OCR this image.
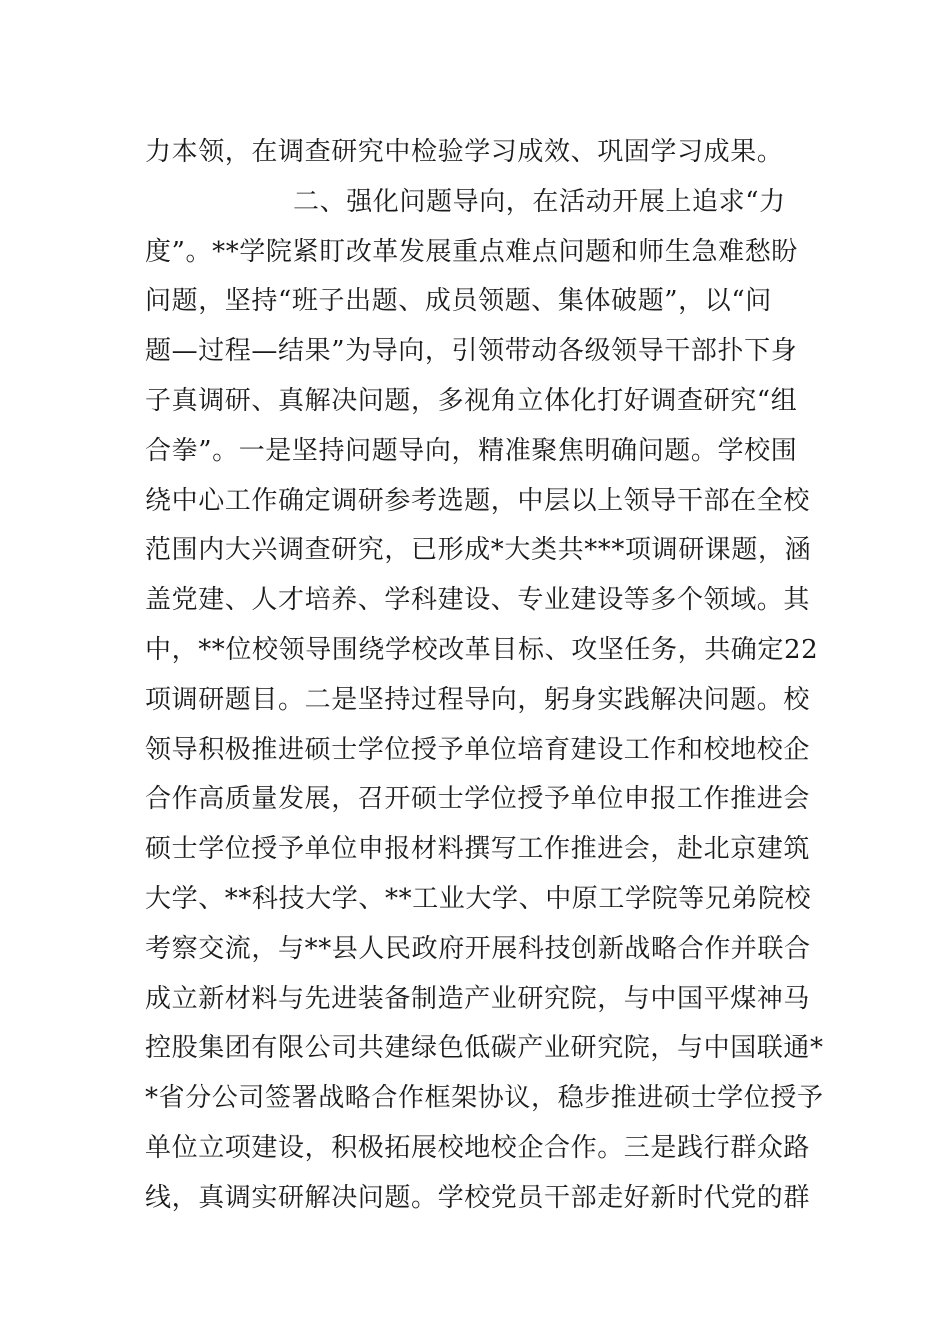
力本领，在调查研究中检验学习成效、巩固学习成果。
二、强化问题导向，在活动开展上追求“力
度”。**学院紧盯改革发展重点难点问题和师生急难愁盼
问题，坚持“班子出题、成员领题、集体破题”，以“问
题—过程—结果”为导向，引领带动各级领导干部扑下身
子真调研、真解决问题，多视角立体化打好调查研究“组
合拳”。一是坚持问题导向，精准聚焦明确问题。学校围
绕中心工作确定调研参考选题，中层以上领导干部在全校
范围内大兴调查研究，已形成*大类共***项调研课题，涵
盖党建、人才培养、学科建设、专业建设等多个领域。其
中，**位校领导围绕学校改革目标、攻坚任务，共确定22
项调研题目。二是坚持过程导向，躬身实践解决问题。校
领导积极推进硕士学位授予单位培育建设工作和校地校企
合作高质量发展，召开硕士学位授予单位申报工作推进会
硕士学位授予单位申报材料撰写工作推进会，赴北京建筑
大学、**科技大学、**工业大学、中原工学院等兄弟院校
考察交流，与**县人民政府开展科技创新战略合作并联合
成立新材料与先进装备制造产业研究院，与中国平煤神马
控股集团有限公司共建绿色低碳产业研究院，与中国联通*
*省分公司签署战略合作框架协议，稳步推进硕士学位授予
单位立项建设，积极拓展校地校企合作。三是践行群众路
线，真调实研解决问题。学校党员干部走好新时代党的群
